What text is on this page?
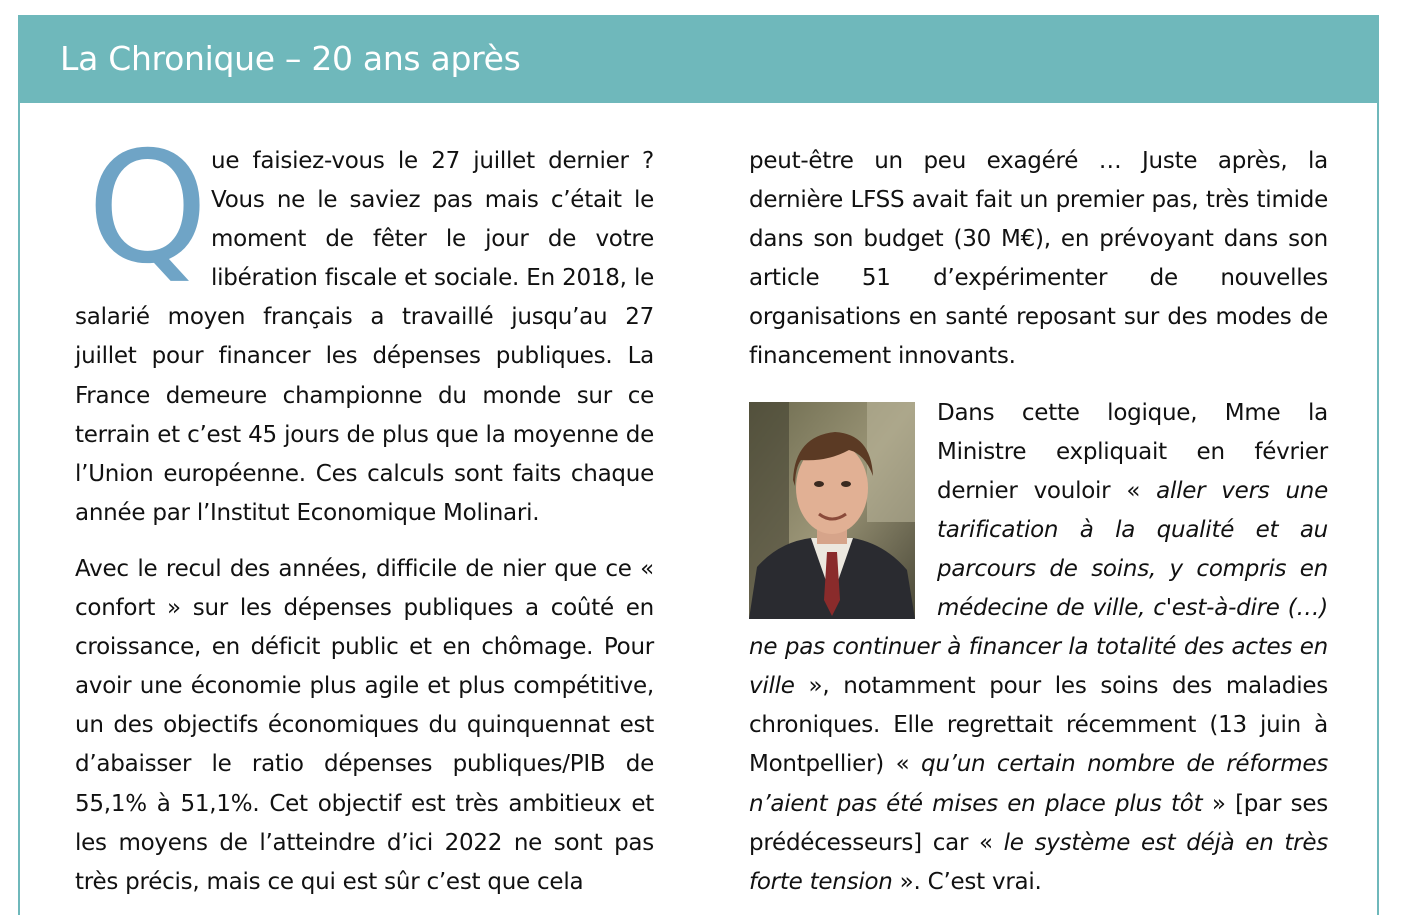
La Chronique – 20 ans après

Que faisiez-vous le 27 juillet dernier ? Vous ne le saviez pas mais c’était le moment de fêter le jour de votre libération fiscale et sociale. En 2018, le salarié moyen français a travaillé jusqu’au 27 juillet pour financer les dépenses publiques. La France demeure championne du monde sur ce terrain et c’est 45 jours de plus que la moyenne de l’Union européenne. Ces calculs sont faits chaque année par l’Institut Economique Molinari.

Avec le recul des années, difficile de nier que ce « confort » sur les dépenses publiques a coûté en croissance, en déficit public et en chômage. Pour avoir une économie plus agile et plus compétitive, un des objectifs économiques du quinquennat est d’abaisser le ratio dépenses publiques/PIB de 55,1% à 51,1%. Cet objectif est très ambitieux et les moyens de l’atteindre d’ici 2022 ne sont pas très précis, mais ce qui est sûr c’est que cela

peut-être un peu exagéré … Juste après, la dernière LFSS avait fait un premier pas, très timide dans son budget (30 M€), en prévoyant dans son article 51 d’expérimenter de nouvelles organisations en santé reposant sur des modes de financement innovants.

Dans cette logique, Mme la Ministre expliquait en février dernier vouloir « aller vers une tarification à la qualité et au parcours de soins, y compris en médecine de ville, c'est-à-dire (…) ne pas continuer à financer la totalité des actes en ville », notamment pour les soins des maladies chroniques. Elle regrettait récemment (13 juin à Montpellier) « qu’un certain nombre de réformes n’aient pas été mises en place plus tôt » [par ses prédécesseurs] car « le système est déjà en très forte tension ». C’est vrai.
